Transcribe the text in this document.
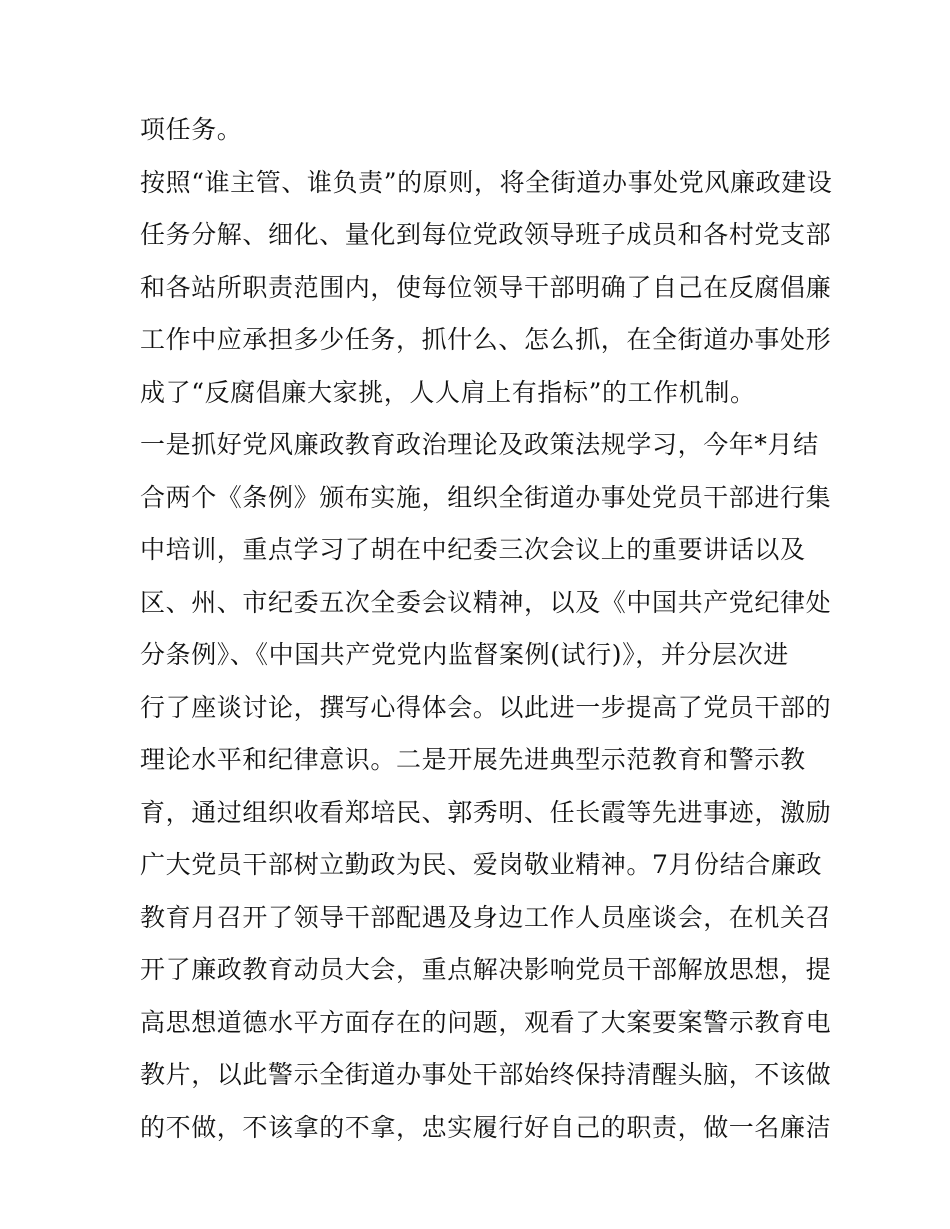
项任务。
按照“谁主管、谁负责”的原则，将全街道办事处党风廉政建设
任务分解、细化、量化到每位党政领导班子成员和各村党支部
和各站所职责范围内，使每位领导干部明确了自己在反腐倡廉
工作中应承担多少任务，抓什么、怎么抓，在全街道办事处形
成了“反腐倡廉大家挑，人人肩上有指标”的工作机制。
一是抓好党风廉政教育政治理论及政策法规学习，今年*月结
合两个《条例》颁布实施，组织全街道办事处党员干部进行集
中培训，重点学习了胡在中纪委三次会议上的重要讲话以及
区、州、市纪委五次全委会议精神，以及《中国共产党纪律处
分条例》、《中国共产党党内监督案例(试行)》，并分层次进
行了座谈讨论，撰写心得体会。以此进一步提高了党员干部的
理论水平和纪律意识。二是开展先进典型示范教育和警示教
育，通过组织收看郑培民、郭秀明、任长霞等先进事迹，激励
广大党员干部树立勤政为民、爱岗敬业精神。7月份结合廉政
教育月召开了领导干部配遇及身边工作人员座谈会，在机关召
开了廉政教育动员大会，重点解决影响党员干部解放思想，提
高思想道德水平方面存在的问题，观看了大案要案警示教育电
教片，以此警示全街道办事处干部始终保持清醒头脑，不该做
的不做，不该拿的不拿，忠实履行好自己的职责，做一名廉洁
